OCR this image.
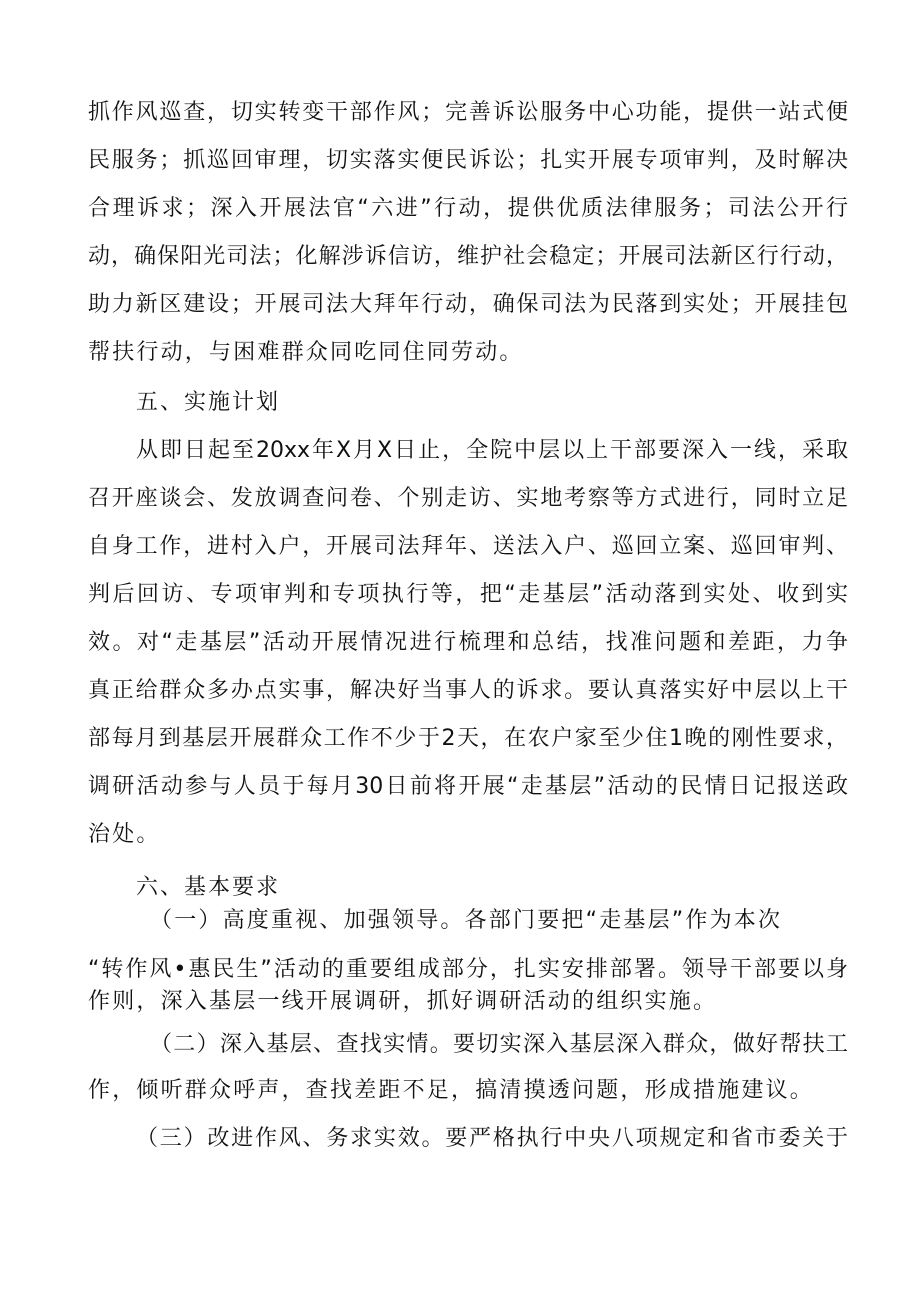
抓作风巡查，切实转变干部作风；完善诉讼服务中心功能，提供一站式便
民服务；抓巡回审理，切实落实便民诉讼；扎实开展专项审判，及时解决
合理诉求；深入开展法官“六进”行动，提供优质法律服务；司法公开行
动，确保阳光司法；化解涉诉信访，维护社会稳定；开展司法新区行行动，
助力新区建设；开展司法大拜年行动，确保司法为民落到实处；开展挂包
帮扶行动，与困难群众同吃同住同劳动。
五、实施计划
从即日起至20xx年X月X日止，全院中层以上干部要深入一线，采取
召开座谈会、发放调查问卷、个别走访、实地考察等方式进行，同时立足
自身工作，进村入户，开展司法拜年、送法入户、巡回立案、巡回审判、
判后回访、专项审判和专项执行等，把“走基层”活动落到实处、收到实
效。对“走基层”活动开展情况进行梳理和总结，找准问题和差距，力争
真正给群众多办点实事，解决好当事人的诉求。要认真落实好中层以上干
部每月到基层开展群众工作不少于2天，在农户家至少住1晚的刚性要求，
调研活动参与人员于每月30日前将开展“走基层”活动的民情日记报送政
治处。
六、基本要求
（一）高度重视、加强领导。各部门要把“走基层”作为本次
“转作风•惠民生”活动的重要组成部分，扎实安排部署。领导干部要以身
作则，深入基层一线开展调研，抓好调研活动的组织实施。
（二）深入基层、查找实情。要切实深入基层深入群众，做好帮扶工
作，倾听群众呼声，查找差距不足，搞清摸透问题，形成措施建议。
（三）改进作风、务求实效。要严格执行中央八项规定和省市委关于
